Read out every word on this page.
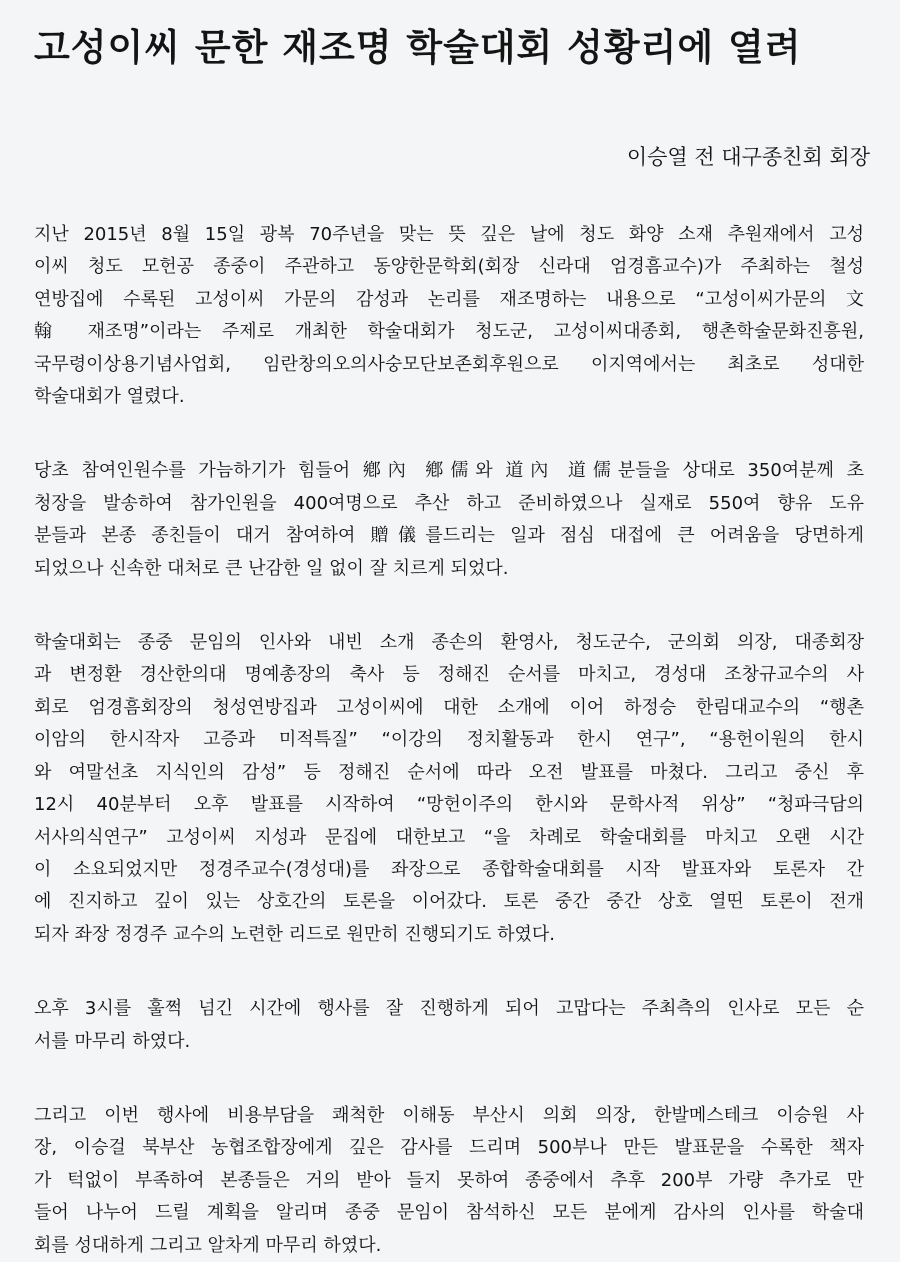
고성이씨 문한 재조명 학술대회 성황리에 열려
이승열 전 대구종친회 회장
지난 2015년 8월 15일 광복 70주년을 맞는 뜻 깊은 날에 청도 화양 소재 추원재에서 고성
이씨 청도 모헌공 종중이 주관하고 동양한문학회(회장 신라대 엄경흠교수)가 주최하는 철성
연방집에 수록된 고성이씨 가문의 감성과 논리를 재조명하는 내용으로 “고성이씨가문의 文
翰 재조명”이라는 주제로 개최한 학술대회가 청도군, 고성이씨대종회, 행촌학술문화진흥원,
국무령이상용기념사업회, 임란창의오의사숭모단보존회후원으로 이지역에서는 최초로 성대한
학술대회가 열렸다.
당초 참여인원수를 가늠하기가 힘들어 鄕內 鄕儒와 道內 道儒분들을 상대로 350여분께 초
청장을 발송하여 참가인원을 400여명으로 추산 하고 준비하였으나 실재로 550여 향유 도유
분들과 본종 종친들이 대거 참여하여 贈儀를드리는 일과 점심 대접에 큰 어려움을 당면하게
되었으나 신속한 대처로 큰 난감한 일 없이 잘 치르게 되었다.
학술대회는 종중 문임의 인사와 내빈 소개 종손의 환영사, 청도군수, 군의회 의장, 대종회장
과 변정환 경산한의대 명예총장의 축사 등 정해진 순서를 마치고, 경성대 조창규교수의 사
회로 엄경흠회장의 청성연방집과 고성이씨에 대한 소개에 이어 하정승 한림대교수의 “행촌
이암의 한시작자 고증과 미적특질” “이강의 정치활동과 한시 연구”, “용헌이원의 한시
와 여말선초 지식인의 감성” 등 정해진 순서에 따라 오전 발표를 마쳤다. 그리고 중신 후
12시 40분부터 오후 발표를 시작하여 “망헌이주의 한시와 문학사적 위상” “청파극담의
서사의식연구” 고성이씨 지성과 문집에 대한보고 “을 차례로 학술대회를 마치고 오랜 시간
이 소요되었지만 정경주교수(경성대)를 좌장으로 종합학술대회를 시작 발표자와 토론자 간
에 진지하고 깊이 있는 상호간의 토론을 이어갔다. 토론 중간 중간 상호 열띤 토론이 전개
되자 좌장 정경주 교수의 노련한 리드로 원만히 진행되기도 하였다.
오후 3시를 훌쩍 넘긴 시간에 행사를 잘 진행하게 되어 고맙다는 주최측의 인사로 모든 순
서를 마무리 하였다.
그리고 이번 행사에 비용부담을 쾌척한 이해동 부산시 의회 의장, 한발메스테크 이승원 사
장, 이승걸 북부산 농협조합장에게 깊은 감사를 드리며 500부나 만든 발표문을 수록한 책자
가 턱없이 부족하여 본종들은 거의 받아 들지 못하여 종중에서 추후 200부 가량 추가로 만
들어 나누어 드릴 계획을 알리며 종중 문임이 참석하신 모든 분에게 감사의 인사를 학술대
회를 성대하게 그리고 알차게 마무리 하였다.
